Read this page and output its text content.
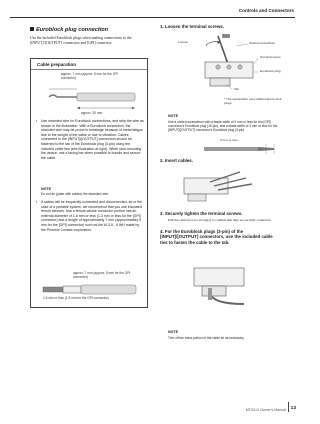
Controls and Connectors
Euroblock plug connection
Use the included Euroblock plugs when making connections to the [INPUT]/[OUTPUT] connectors and [GPI] connector.
Cable preparation
approx. 7 mm (approx. 5 mm for the GPI connector)
approx. 30 mm
• Use stranded wire for Euroblock connections, and strip the wire as shown in the illustration. With a Euroblock connection, the stranded wire may be prone to breakage because of metal fatigue due to the weight of the cable or due to vibration. Cables connected to the [INPUT]/[OUTPUT] connectors should be fastened to the tab of the Euroblock plug (3-pin) using the included cable ties (see illustration at right). When rack-mounting the device, use a lacing bar when possible to bundle and secure the cable.
NOTE
Do not tin (plate with solder) the stranded wire.
• If cables will be frequently connected and disconnected, as in the case of a portable system, we recommend that you use insulated ferrule sleeves. Use a ferrule whose conductor portion has an external diameter of 1.6 mm or less (1.3 mm or less for the [GPI] connector) and a length of approximately 7 mm (approximately 5 mm for the [GPI] connector) such as the AI 0.5 - 6 WH made by the Phoenix Contact corporation.
approx. 7 mm (approx. 5 mm for the GPI connector)
1.6 mm or less (1.3 mm for the GPI connector)
1. Loosen the terminal screws.
Loosen	Slotted screwdriver
Terminal screw
Euroblock plug
Tab
* The explanation uses tabbed Eurob-lock plugs.
NOTE
Use a slotted screwdriver with a blade width of 3 mm or less for the [GPI] connector's Euroblock plug (16-pin), and a blade width of 3 mm or less for the [INPUT]/[OUTPUT] connector's Euroblock plug (3-pin).
3 mm or less
2. Insert cables.
3. Securely tighten the terminal screws.
Pull the cable (not too strongly) to confirm that they are securely connected.
4. For the Euroblock plugs (3-pin) of the [INPUT]/[OUTPUT] connectors, use the included cable ties to fasten the cable to the tab.
NOTE
Trim off the extra portion of the cable tie as necessary.
MTX5-D Owner's Manual 13
